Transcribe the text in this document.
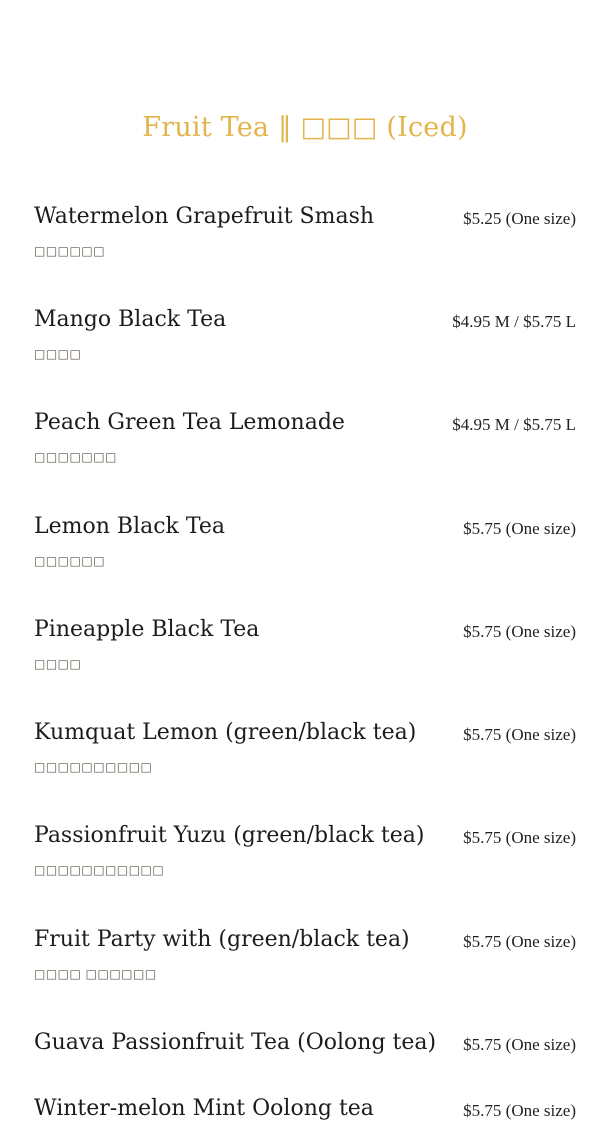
Fruit Tea ‖ □□□ (Iced)
Watermelon Grapefruit Smash	$5.25 (One size)
□□□□□□
Mango Black Tea	$4.95 M / $5.75 L
□□□□
Peach Green Tea Lemonade	$4.95 M / $5.75 L
□□□□□□□
Lemon Black Tea	$5.75 (One size)
□□□□□□
Pineapple Black Tea	$5.75 (One size)
□□□□
Kumquat Lemon (green/black tea)	$5.75 (One size)
□□□□□□□□□□
Passionfruit Yuzu (green/black tea) $5.75 (One size)
□□□□□□□□□□□
Fruit Party with (green/black tea)	$5.75 (One size)
□□□□ □□□□□□
Guava Passionfruit Tea (Oolong tea) $5.75 (One size)
Winter-melon Mint Oolong tea	$5.75 (One size)
